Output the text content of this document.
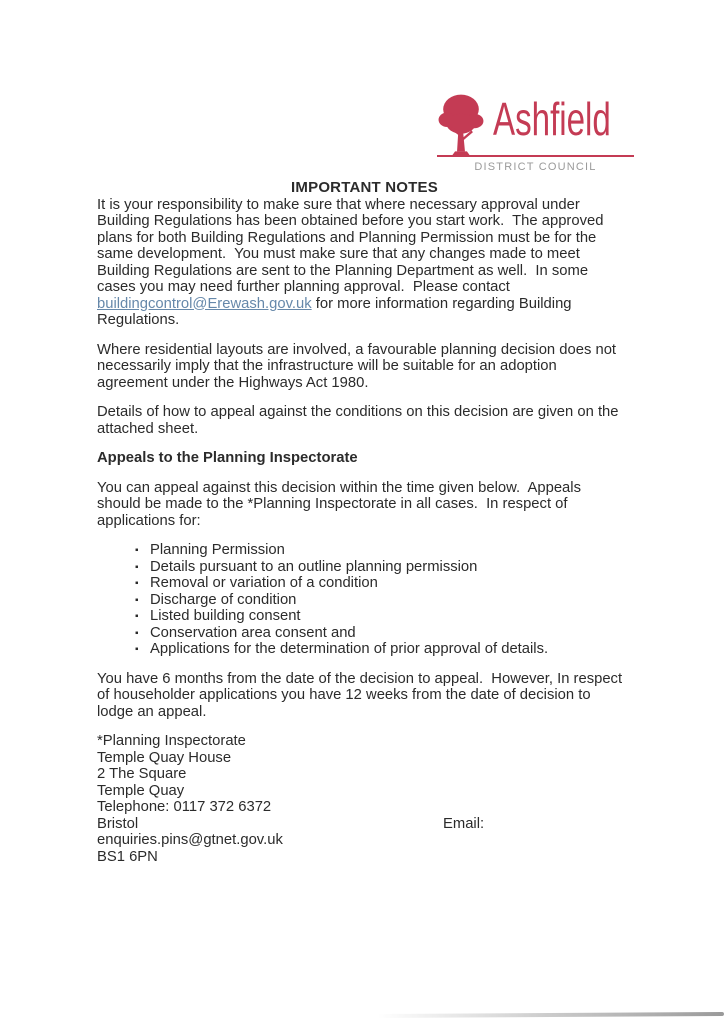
Ashfield
DISTRICT COUNCIL
IMPORTANT NOTES

It is your responsibility to make sure that where necessary approval under
Building Regulations has been obtained before you start work.  The approved
plans for both Building Regulations and Planning Permission must be for the
same development.  You must make sure that any changes made to meet
Building Regulations are sent to the Planning Department as well.  In some
cases you may need further planning approval.  Please contact
buildingcontrol@Erewash.gov.uk for more information regarding Building
Regulations.

Where residential layouts are involved, a favourable planning decision does not
necessarily imply that the infrastructure will be suitable for an adoption
agreement under the Highways Act 1980.

Details of how to appeal against the conditions on this decision are given on the
attached sheet.

Appeals to the Planning Inspectorate

You can appeal against this decision within the time given below.  Appeals
should be made to the *Planning Inspectorate in all cases.  In respect of
applications for:

▪ Planning Permission
▪ Details pursuant to an outline planning permission
▪ Removal or variation of a condition
▪ Discharge of condition
▪ Listed building consent
▪ Conservation area consent and
▪ Applications for the determination of prior approval of details.

You have 6 months from the date of the decision to appeal.  However, In respect
of householder applications you have 12 weeks from the date of decision to
lodge an appeal.

*Planning Inspectorate
Temple Quay House
2 The Square
Temple Quay
Telephone: 0117 372 6372
Bristol	Email:
enquiries.pins@gtnet.gov.uk
BS1 6PN
